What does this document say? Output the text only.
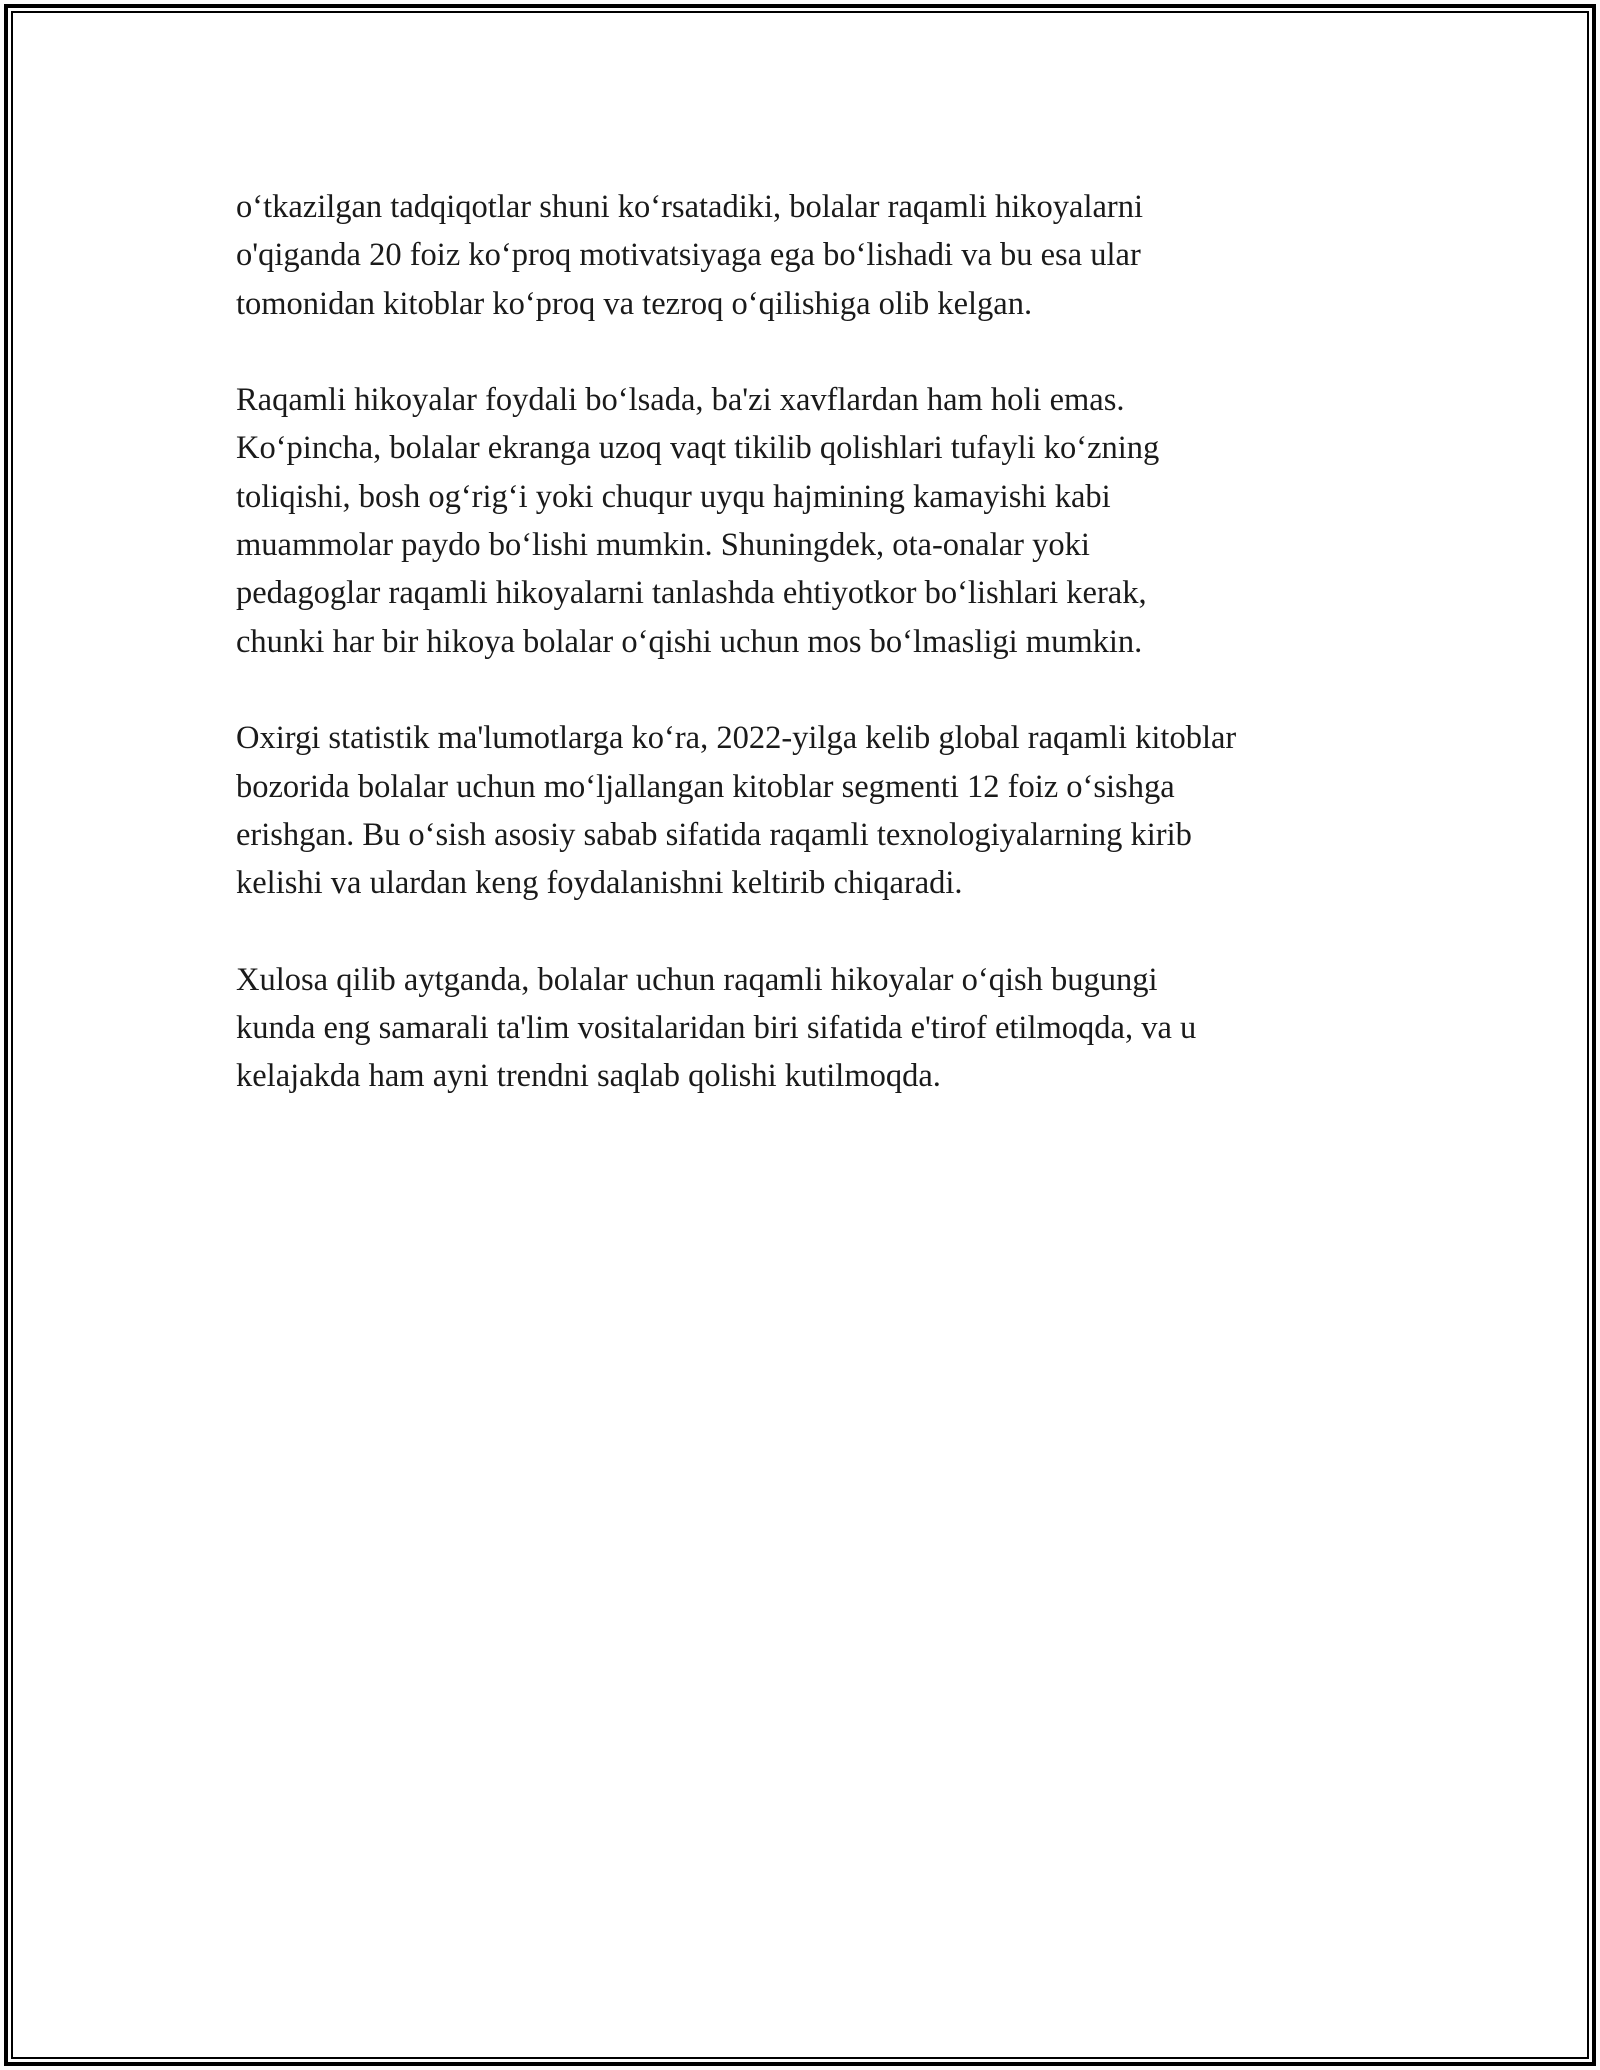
o‘tkazilgan tadqiqotlar shuni ko‘rsatadiki, bolalar raqamli hikoyalarni
o'qiganda 20 foiz ko‘proq motivatsiyaga ega bo‘lishadi va bu esa ular
tomonidan kitoblar ko‘proq va tezroq o‘qilishiga olib kelgan.

Raqamli hikoyalar foydali bo‘lsada, ba'zi xavflardan ham holi emas.
Ko‘pincha, bolalar ekranga uzoq vaqt tikilib qolishlari tufayli ko‘zning
toliqishi, bosh og‘rig‘i yoki chuqur uyqu hajmining kamayishi kabi
muammolar paydo bo‘lishi mumkin. Shuningdek, ota-onalar yoki
pedagoglar raqamli hikoyalarni tanlashda ehtiyotkor bo‘lishlari kerak,
chunki har bir hikoya bolalar o‘qishi uchun mos bo‘lmasligi mumkin.

Oxirgi statistik ma'lumotlarga ko‘ra, 2022-yilga kelib global raqamli kitoblar
bozorida bolalar uchun mo‘ljallangan kitoblar segmenti 12 foiz o‘sishga
erishgan. Bu o‘sish asosiy sabab sifatida raqamli texnologiyalarning kirib
kelishi va ulardan keng foydalanishni keltirib chiqaradi.

Xulosa qilib aytganda, bolalar uchun raqamli hikoyalar o‘qish bugungi
kunda eng samarali ta'lim vositalaridan biri sifatida e'tirof etilmoqda, va u
kelajakda ham ayni trendni saqlab qolishi kutilmoqda.
